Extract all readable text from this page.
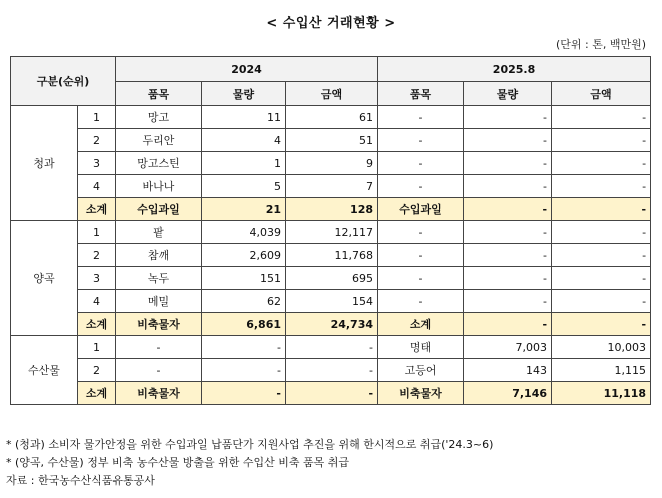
< 수입산 거래현황 >
(단위 : 톤, 백만원)
구분(순위)		2024			2025.8		
		품목	물량	금액	품목	물량	금액
청과	1	망고	11	61	-	-	-
	2	두리안	4	51	-	-	-
	3	망고스틴	1	9	-	-	-
	4	바나나	5	7	-	-	-
	소계	수입과일	21	128	수입과일	-	-
양곡	1	팥	4,039	12,117	-	-	-
	2	참깨	2,609	11,768	-	-	-
	3	녹두	151	695	-	-	-
	4	메밀	62	154	-	-	-
	소계	비축물자	6,861	24,734	소계	-	-
수산물	1	-	-	-	명태	7,003	10,003
	2	-	-	-	고등어	143	1,115
	소계	비축물자	-	-	비축물자	7,146	11,118
* (청과) 소비자 물가안정을 위한 수입과일 납품단가 지원사업 추진을 위해 한시적으로 취급('24.3~6)
* (양곡, 수산물) 정부 비축 농수산물 방출을 위한 수입산 비축 품목 취급
자료 : 한국농수산식품유통공사
